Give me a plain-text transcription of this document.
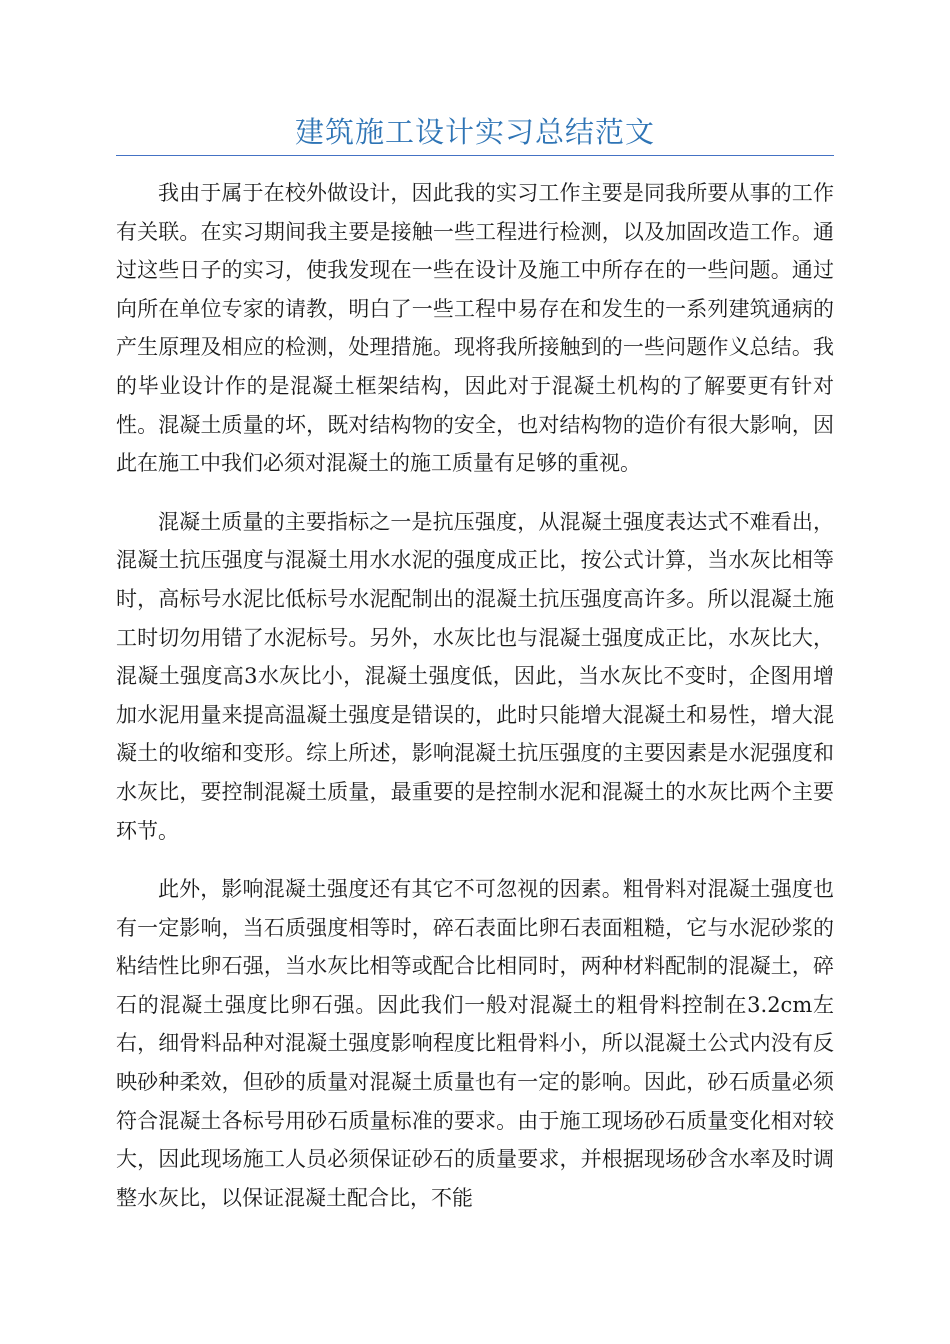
建筑施工设计实习总结范文

我由于属于在校外做设计，因此我的实习工作主要是同我所要从事的工作有关联。在实习期间我主要是接触一些工程进行检测，以及加固改造工作。通过这些日子的实习，使我发现在一些在设计及施工中所存在的一些问题。通过向所在单位专家的请教，明白了一些工程中易存在和发生的一系列建筑通病的产生原理及相应的检测，处理措施。现将我所接触到的一些问题作义总结。我的毕业设计作的是混凝土框架结构，因此对于混凝土机构的了解要更有针对性。混凝土质量的坏，既对结构物的安全，也对结构物的造价有很大影响，因此在施工中我们必须对混凝土的施工质量有足够的重视。

混凝土质量的主要指标之一是抗压强度，从混凝土强度表达式不难看出，混凝土抗压强度与混凝土用水水泥的强度成正比，按公式计算，当水灰比相等时，高标号水泥比低标号水泥配制出的混凝土抗压强度高许多。所以混凝土施工时切勿用错了水泥标号。另外，水灰比也与混凝土强度成正比，水灰比大，混凝土强度高3水灰比小，混凝土强度低，因此，当水灰比不变时，企图用增加水泥用量来提高温凝土强度是错误的，此时只能增大混凝土和易性，增大混凝土的收缩和变形。综上所述，影响混凝土抗压强度的主要因素是水泥强度和水灰比，要控制混凝土质量，最重要的是控制水泥和混凝土的水灰比两个主要环节。

此外，影响混凝土强度还有其它不可忽视的因素。粗骨料对混凝土强度也有一定影响，当石质强度相等时，碎石表面比卵石表面粗糙，它与水泥砂浆的粘结性比卵石强，当水灰比相等或配合比相同时，两种材料配制的混凝土，碎石的混凝土强度比卵石强。因此我们一般对混凝土的粗骨料控制在3.2cm左右，细骨料品种对混凝土强度影响程度比粗骨料小，所以混凝土公式内没有反映砂种柔效，但砂的质量对混凝土质量也有一定的影响。因此，砂石质量必须符合混凝土各标号用砂石质量标准的要求。由于施工现场砂石质量变化相对较大，因此现场施工人员必须保证砂石的质量要求，并根据现场砂含水率及时调整水灰比，以保证混凝土配合比，不能
